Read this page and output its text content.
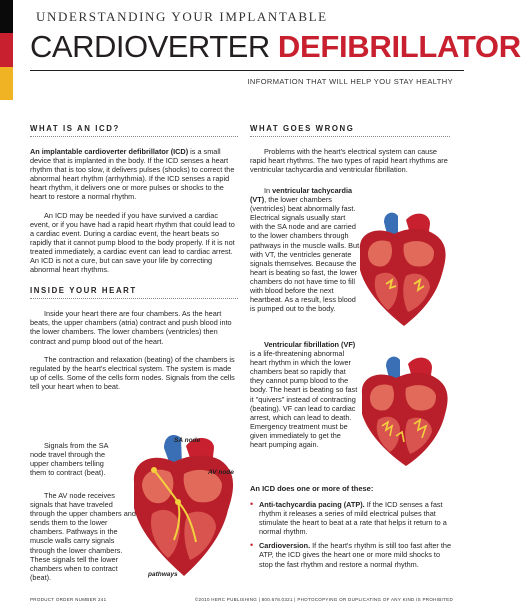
UNDERSTANDING YOUR IMPLANTABLE
CARDIOVERTER DEFIBRILLATOR
INFORMATION THAT WILL HELP YOU STAY HEALTHY
WHAT IS AN ICD?

An implantable cardioverter defibrillator (ICD) is a small device that is implanted in the body. If the ICD senses a heart rhythm that is too slow, it delivers pulses (shocks) to correct the abnormal heart rhythm (arrhythmia). If the ICD senses a rapid heart rhythm, it delivers one or more pulses or shocks to the heart to restore a normal rhythm.

An ICD may be needed if you have survived a cardiac event, or if you have had a rapid heart rhythm that could lead to a cardiac event. During a cardiac event, the heart beats so rapidly that it cannot pump blood to the body properly. If it is not treated immediately, a cardiac event can lead to cardiac arrest. An ICD is not a cure, but can save your life by correcting abnormal heart rhythms.

INSIDE YOUR HEART

Inside your heart there are four chambers. As the heart beats, the upper chambers (atria) contract and push blood into the lower chambers. The lower chambers (ventricles) then contract and pump blood out of the heart.

The contraction and relaxation (beating) of the chambers is regulated by the heart's electrical system. The system is made up of cells. Some of the cells form nodes. Signals from the cells tell your heart when to beat.

Signals from the SA node travel through the upper chambers telling them to contract (beat).

The AV node receives signals that have traveled through the upper chambers and sends them to the lower chambers. Pathways in the muscle walls carry signals through the lower chambers. These signals tell the lower chambers when to contract (beat).

SA node
AV node
pathways
WHAT GOES WRONG

Problems with the heart's electrical system can cause rapid heart rhythms. The two types of rapid heart rhythms are ventricular tachycardia and ventricular fibrillation.

In ventricular tachycardia (VT), the lower chambers (ventricles) beat abnormally fast. Electrical signals usually start with the SA node and are carried to the lower chambers through pathways in the muscle walls. But with VT, the ventricles generate signals themselves. Because the heart is beating so fast, the lower chambers do not have time to fill with blood before the next heartbeat. As a result, less blood is pumped out to the body.

Ventricular fibrillation (VF) is a life-threatening abnormal heart rhythm in which the lower chambers beat so rapidly that they cannot pump blood to the body. The heart is beating so fast it "quivers" instead of contracting (beating). VF can lead to cardiac arrest, which can lead to death. Emergency treatment must be given immediately to get the heart pumping again.

An ICD does one or more of these:
• Anti-tachycardia pacing (ATP). If the ICD senses a fast rhythm it releases a series of mild electrical pulses that stimulate the heart to beat at a rate that helps it return to a normal rhythm.
• Cardioversion. If the heart's rhythm is still too fast after the ATP, the ICD gives the heart one or more mild shocks to stop the fast rhythm and restore a normal rhythm.
PRODUCT ORDER NUMBER 241	©2010 HERC PUBLISHING | 800.678.0321 | PHOTOCOPYING OR DUPLICATING OF ANY KIND IS PROHIBITED
